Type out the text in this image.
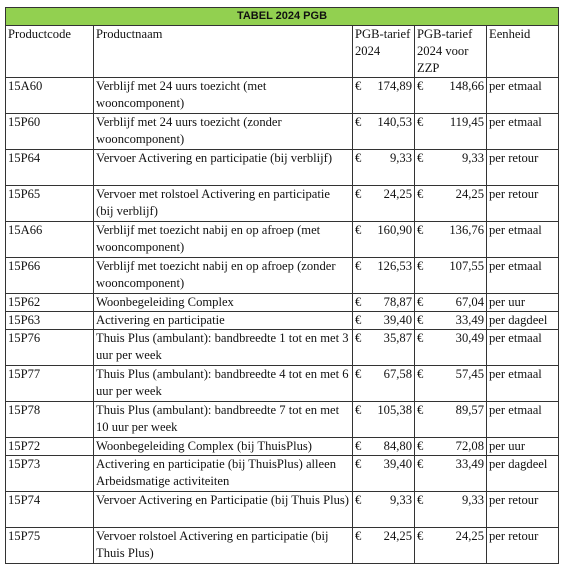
TABEL 2024 PGB				
Productcode	Productnaam	PGB-tarief 2024	PGB-tarief 2024 voor ZZP	Eenheid
15A60	Verblijf met 24 uurs toezicht (met wooncomponent)	€ 174,89	€ 148,66	per etmaal
15P60	Verblijf met 24 uurs toezicht (zonder wooncomponent)	€ 140,53	€ 119,45	per etmaal
15P64	Vervoer Activering en participatie (bij verblijf)	€ 9,33	€ 9,33	per retour
15P65	Vervoer met rolstoel Activering en participatie (bij verblijf)	€ 24,25	€ 24,25	per retour
15A66	Verblijf met toezicht nabij en op afroep (met wooncomponent)	€ 160,90	€ 136,76	per etmaal
15P66	Verblijf met toezicht nabij en op afroep (zonder wooncomponent)	€ 126,53	€ 107,55	per etmaal
15P62	Woonbegeleiding Complex	€ 78,87	€ 67,04	per uur
15P63	Activering en participatie	€ 39,40	€ 33,49	per dagdeel
15P76	Thuis Plus (ambulant): bandbreedte 1 tot en met 3 uur per week	€ 35,87	€ 30,49	per etmaal
15P77	Thuis Plus (ambulant): bandbreedte 4 tot en met 6 uur per week	€ 67,58	€ 57,45	per etmaal
15P78	Thuis Plus (ambulant): bandbreedte 7 tot en met 10 uur per week	€ 105,38	€ 89,57	per etmaal
15P72	Woonbegeleiding Complex (bij ThuisPlus)	€ 84,80	€ 72,08	per uur
15P73	Activering en participatie (bij ThuisPlus) alleen Arbeidsmatige activiteiten	€ 39,40	€ 33,49	per dagdeel
15P74	Vervoer Activering en Participatie (bij Thuis Plus)	€ 9,33	€ 9,33	per retour
15P75	Vervoer rolstoel Activering en participatie (bij Thuis Plus)	€ 24,25	€ 24,25	per retour
